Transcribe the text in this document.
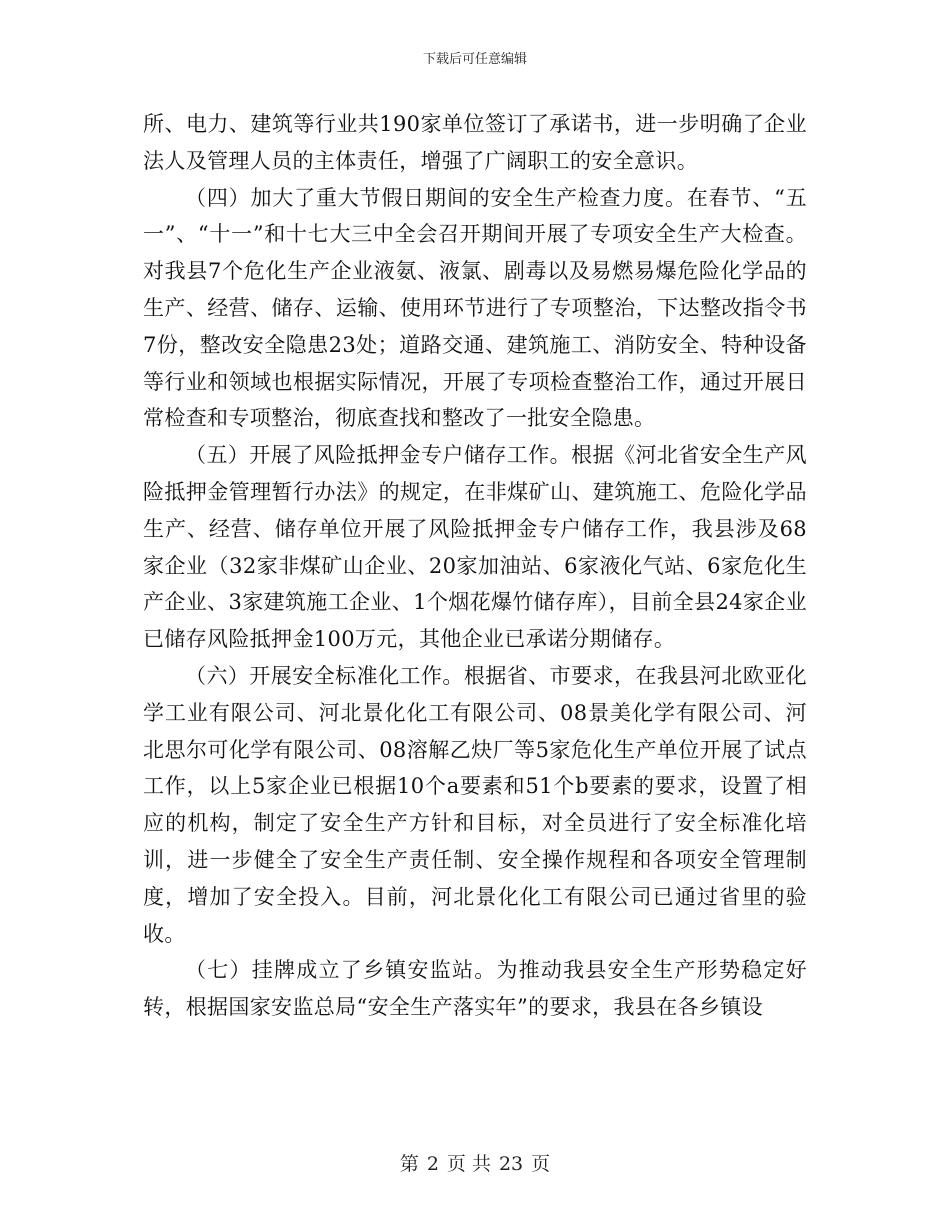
下载后可任意编辑

所、电力、建筑等行业共190家单位签订了承诺书，进一步明确了企业法人及管理人员的主体责任，增强了广阔职工的安全意识。

（四）加大了重大节假日期间的安全生产检查力度。在春节、“五一”、“十一”和十七大三中全会召开期间开展了专项安全生产大检查。对我县7个危化生产企业液氨、液氯、剧毒以及易燃易爆危险化学品的生产、经营、储存、运输、使用环节进行了专项整治，下达整改指令书7份，整改安全隐患23处；道路交通、建筑施工、消防安全、特种设备等行业和领域也根据实际情况，开展了专项检查整治工作，通过开展日常检查和专项整治，彻底查找和整改了一批安全隐患。

（五）开展了风险抵押金专户储存工作。根据《河北省安全生产风险抵押金管理暂行办法》的规定，在非煤矿山、建筑施工、危险化学品生产、经营、储存单位开展了风险抵押金专户储存工作，我县涉及68家企业（32家非煤矿山企业、20家加油站、6家液化气站、6家危化生产企业、3家建筑施工企业、1个烟花爆竹储存库），目前全县24家企业已储存风险抵押金100万元，其他企业已承诺分期储存。

（六）开展安全标准化工作。根据省、市要求，在我县河北欧亚化学工业有限公司、河北景化化工有限公司、08景美化学有限公司、河北思尔可化学有限公司、08溶解乙炔厂等5家危化生产单位开展了试点工作，以上5家企业已根据10个a要素和51个b要素的要求，设置了相应的机构，制定了安全生产方针和目标，对全员进行了安全标准化培训，进一步健全了安全生产责任制、安全操作规程和各项安全管理制度，增加了安全投入。目前，河北景化化工有限公司已通过省里的验收。

（七）挂牌成立了乡镇安监站。为推动我县安全生产形势稳定好转，根据国家安监总局“安全生产落实年”的要求，我县在各乡镇设

第 2 页 共 23 页
